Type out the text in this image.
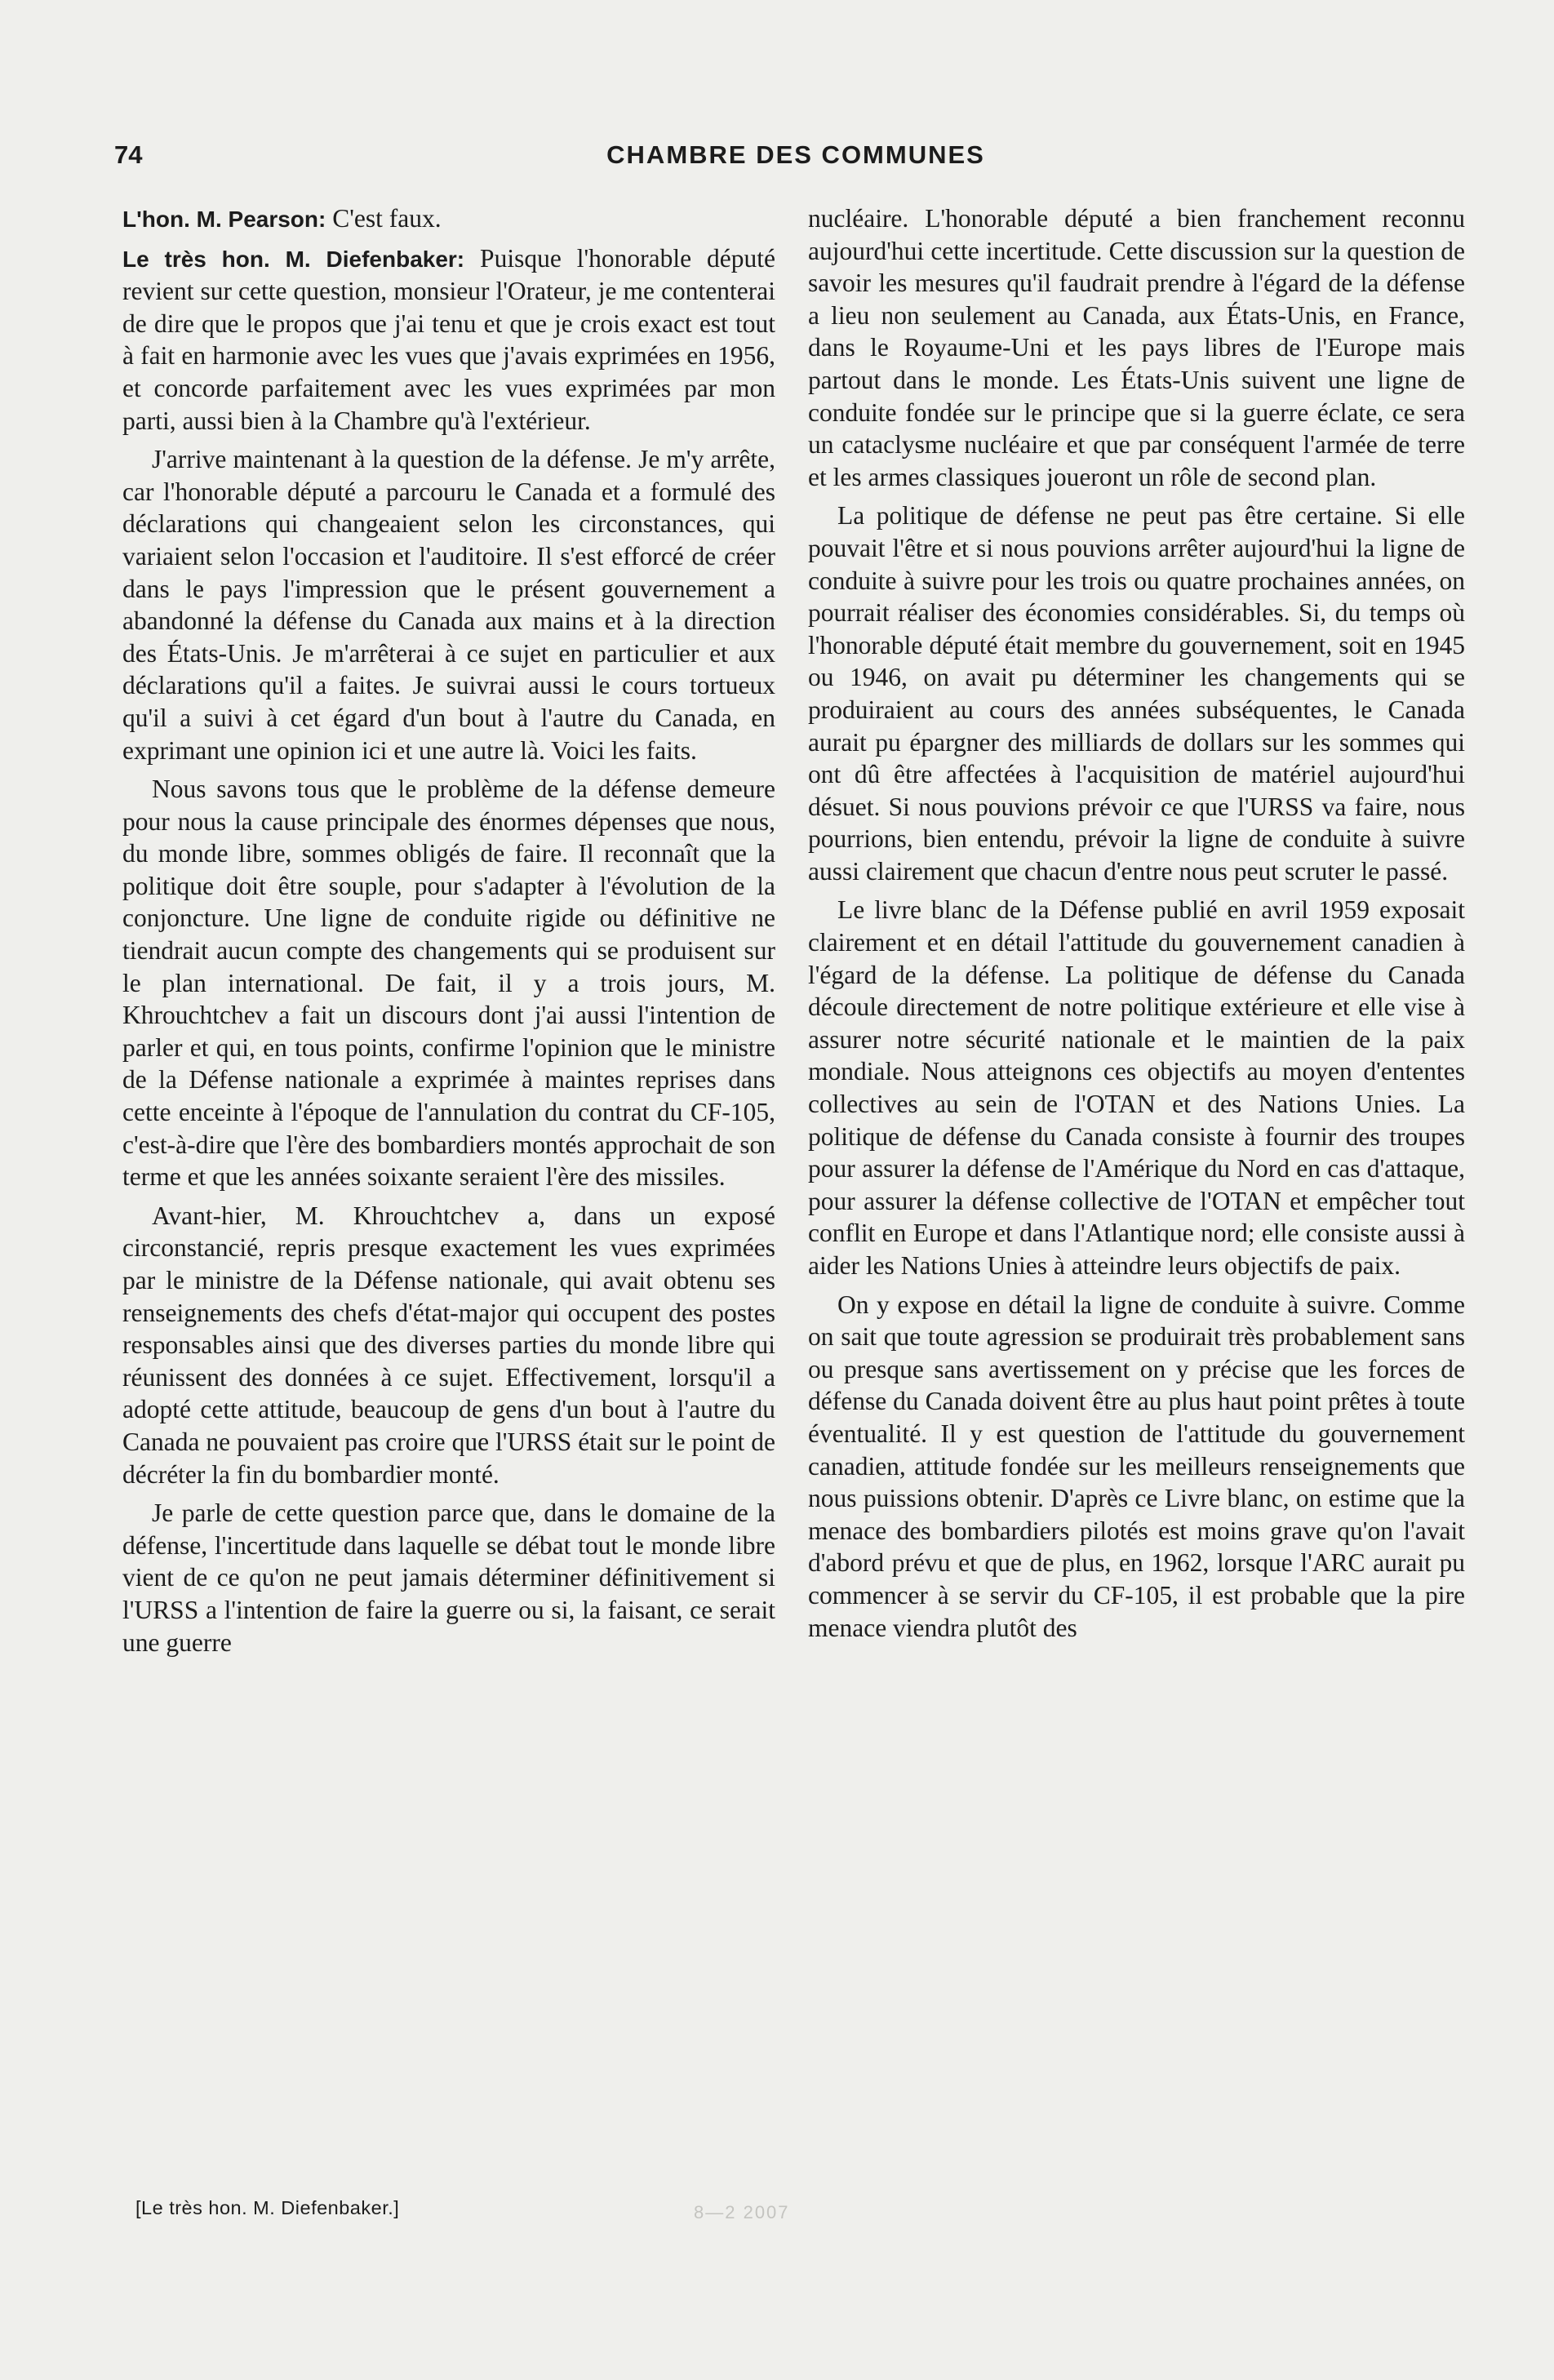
74	CHAMBRE DES COMMUNES

L'hon. M. Pearson: C'est faux.

Le très hon. M. Diefenbaker: Puisque l'honorable député revient sur cette question, monsieur l'Orateur, je me contenterai de dire que le propos que j'ai tenu et que je crois exact est tout à fait en harmonie avec les vues que j'avais exprimées en 1956, et concorde parfaitement avec les vues exprimées par mon parti, aussi bien à la Chambre qu'à l'extérieur.

J'arrive maintenant à la question de la défense. Je m'y arrête, car l'honorable député a parcouru le Canada et a formulé des déclarations qui changeaient selon les circonstances, qui variaient selon l'occasion et l'auditoire. Il s'est efforcé de créer dans le pays l'impression que le présent gouvernement a abandonné la défense du Canada aux mains et à la direction des États-Unis. Je m'arrêterai à ce sujet en particulier et aux déclarations qu'il a faites. Je suivrai aussi le cours tortueux qu'il a suivi à cet égard d'un bout à l'autre du Canada, en exprimant une opinion ici et une autre là. Voici les faits.

Nous savons tous que le problème de la défense demeure pour nous la cause principale des énormes dépenses que nous, du monde libre, sommes obligés de faire. Il reconnaît que la politique doit être souple, pour s'adapter à l'évolution de la conjoncture. Une ligne de conduite rigide ou définitive ne tiendrait aucun compte des changements qui se produisent sur le plan international. De fait, il y a trois jours, M. Khrouchtchev a fait un discours dont j'ai aussi l'intention de parler et qui, en tous points, confirme l'opinion que le ministre de la Défense nationale a exprimée à maintes reprises dans cette enceinte à l'époque de l'annulation du contrat du CF-105, c'est-à-dire que l'ère des bombardiers montés approchait de son terme et que les années soixante seraient l'ère des missiles.

Avant-hier, M. Khrouchtchev a, dans un exposé circonstancié, repris presque exactement les vues exprimées par le ministre de la Défense nationale, qui avait obtenu ses renseignements des chefs d'état-major qui occupent des postes responsables ainsi que des diverses parties du monde libre qui réunissent des données à ce sujet. Effectivement, lorsqu'il a adopté cette attitude, beaucoup de gens d'un bout à l'autre du Canada ne pouvaient pas croire que l'URSS était sur le point de décréter la fin du bombardier monté.

Je parle de cette question parce que, dans le domaine de la défense, l'incertitude dans laquelle se débat tout le monde libre vient de ce qu'on ne peut jamais déterminer définitivement si l'URSS a l'intention de faire la guerre ou si, la faisant, ce serait une guerre

nucléaire. L'honorable député a bien franchement reconnu aujourd'hui cette incertitude. Cette discussion sur la question de savoir les mesures qu'il faudrait prendre à l'égard de la défense a lieu non seulement au Canada, aux États-Unis, en France, dans le Royaume-Uni et les pays libres de l'Europe mais partout dans le monde. Les États-Unis suivent une ligne de conduite fondée sur le principe que si la guerre éclate, ce sera un cataclysme nucléaire et que par conséquent l'armée de terre et les armes classiques joueront un rôle de second plan.

La politique de défense ne peut pas être certaine. Si elle pouvait l'être et si nous pouvions arrêter aujourd'hui la ligne de conduite à suivre pour les trois ou quatre prochaines années, on pourrait réaliser des économies considérables. Si, du temps où l'honorable député était membre du gouvernement, soit en 1945 ou 1946, on avait pu déterminer les changements qui se produiraient au cours des années subséquentes, le Canada aurait pu épargner des milliards de dollars sur les sommes qui ont dû être affectées à l'acquisition de matériel aujourd'hui désuet. Si nous pouvions prévoir ce que l'URSS va faire, nous pourrions, bien entendu, prévoir la ligne de conduite à suivre aussi clairement que chacun d'entre nous peut scruter le passé.

Le livre blanc de la Défense publié en avril 1959 exposait clairement et en détail l'attitude du gouvernement canadien à l'égard de la défense. La politique de défense du Canada découle directement de notre politique extérieure et elle vise à assurer notre sécurité nationale et le maintien de la paix mondiale. Nous atteignons ces objectifs au moyen d'ententes collectives au sein de l'OTAN et des Nations Unies. La politique de défense du Canada consiste à fournir des troupes pour assurer la défense de l'Amérique du Nord en cas d'attaque, pour assurer la défense collective de l'OTAN et empêcher tout conflit en Europe et dans l'Atlantique nord; elle consiste aussi à aider les Nations Unies à atteindre leurs objectifs de paix.

On y expose en détail la ligne de conduite à suivre. Comme on sait que toute agression se produirait très probablement sans ou presque sans avertissement on y précise que les forces de défense du Canada doivent être au plus haut point prêtes à toute éventualité. Il y est question de l'attitude du gouvernement canadien, attitude fondée sur les meilleurs renseignements que nous puissions obtenir. D'après ce Livre blanc, on estime que la menace des bombardiers pilotés est moins grave qu'on l'avait d'abord prévu et que de plus, en 1962, lorsque l'ARC aurait pu commencer à se servir du CF-105, il est probable que la pire menace viendra plutôt des

[Le très hon. M. Diefenbaker.]	8—2 2007
